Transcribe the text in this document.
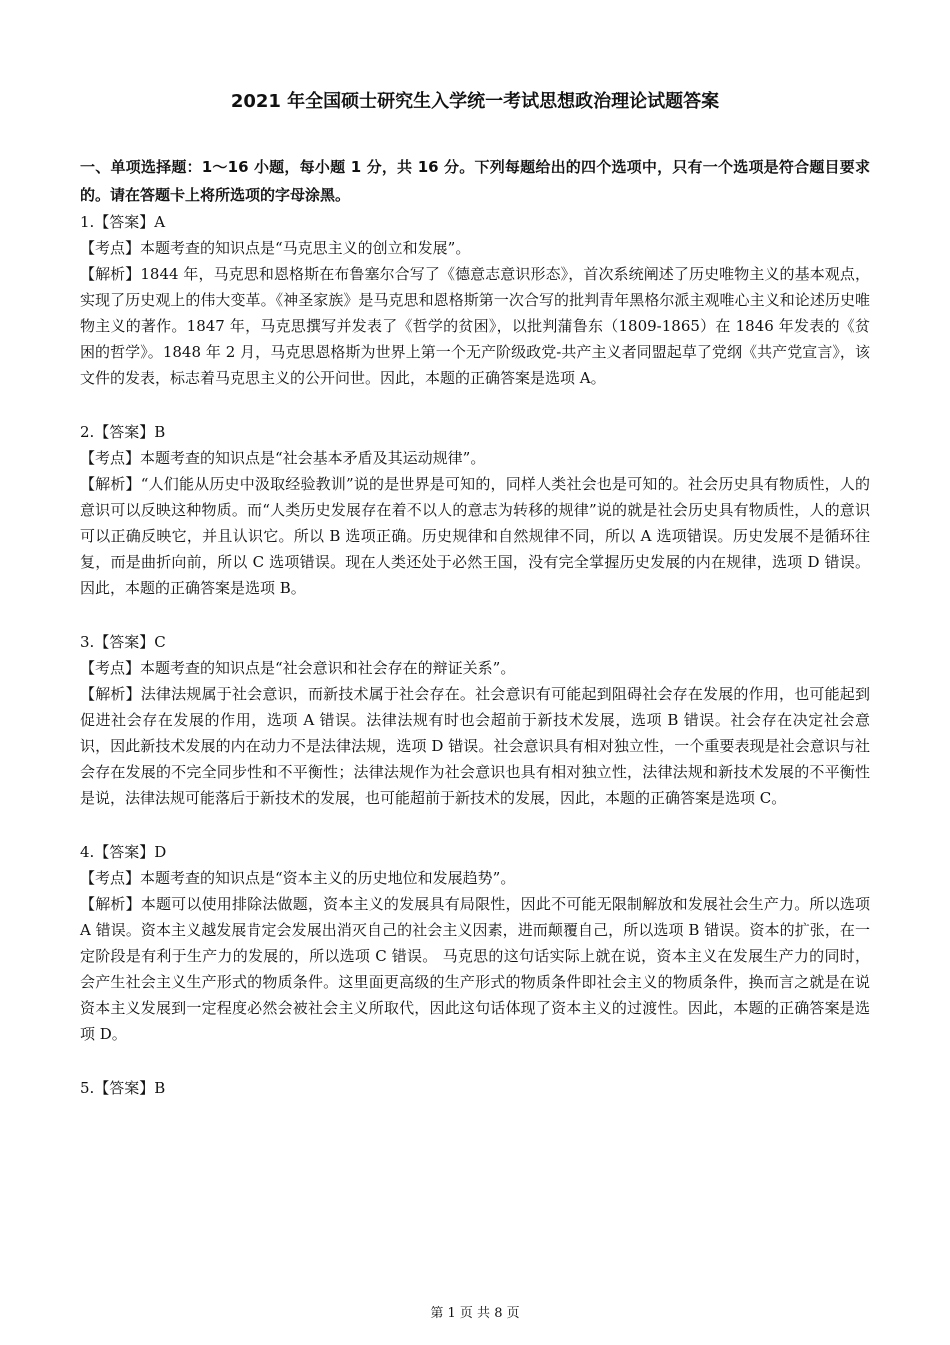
2021 年全国硕士研究生入学统一考试思想政治理论试题答案

一、单项选择题：1～16 小题，每小题 1 分，共 16 分。下列每题给出的四个选项中，只有一个选项是符合题目要求的。请在答题卡上将所选项的字母涂黑。

1.【答案】A

【考点】本题考查的知识点是“马克思主义的创立和发展”。

【解析】1844 年，马克思和恩格斯在布鲁塞尔合写了《德意志意识形态》，首次系统阐述了历史唯物主义的基本观点，实现了历史观上的伟大变革。《神圣家族》是马克思和恩格斯第一次合写的批判青年黑格尔派主观唯心主义和论述历史唯物主义的著作。1847 年，马克思撰写并发表了《哲学的贫困》，以批判蒲鲁东（1809-1865）在 1846 年发表的《贫困的哲学》。1848 年 2 月，马克思恩格斯为世界上第一个无产阶级政党-共产主义者同盟起草了党纲《共产党宣言》，该文件的发表，标志着马克思主义的公开问世。因此，本题的正确答案是选项 A。

2.【答案】B

【考点】本题考查的知识点是“社会基本矛盾及其运动规律”。

【解析】“人们能从历史中汲取经验教训”说的是世界是可知的，同样人类社会也是可知的。社会历史具有物质性，人的意识可以反映这种物质。而“人类历史发展存在着不以人的意志为转移的规律”说的就是社会历史具有物质性，人的意识可以正确反映它，并且认识它。所以 B 选项正确。历史规律和自然规律不同，所以 A 选项错误。历史发展不是循环往复，而是曲折向前，所以 C 选项错误。现在人类还处于必然王国，没有完全掌握历史发展的内在规律，选项 D 错误。因此，本题的正确答案是选项 B。

3.【答案】C

【考点】本题考查的知识点是“社会意识和社会存在的辩证关系”。

【解析】法律法规属于社会意识，而新技术属于社会存在。社会意识有可能起到阻碍社会存在发展的作用，也可能起到促进社会存在发展的作用，选项 A 错误。法律法规有时也会超前于新技术发展，选项 B 错误。社会存在决定社会意识，因此新技术发展的内在动力不是法律法规，选项 D 错误。社会意识具有相对独立性，一个重要表现是社会意识与社会存在发展的不完全同步性和不平衡性；法律法规作为社会意识也具有相对独立性，法律法规和新技术发展的不平衡性是说，法律法规可能落后于新技术的发展，也可能超前于新技术的发展，因此，本题的正确答案是选项 C。

4.【答案】D

【考点】本题考查的知识点是“资本主义的历史地位和发展趋势”。

【解析】本题可以使用排除法做题，资本主义的发展具有局限性，因此不可能无限制解放和发展社会生产力。所以选项 A 错误。资本主义越发展肯定会发展出消灭自己的社会主义因素，进而颠覆自己，所以选项 B 错误。资本的扩张，在一定阶段是有利于生产力的发展的，所以选项 C 错误。 马克思的这句话实际上就在说，资本主义在发展生产力的同时，会产生社会主义生产形式的物质条件。这里面更高级的生产形式的物质条件即社会主义的物质条件，换而言之就是在说资本主义发展到一定程度必然会被社会主义所取代，因此这句话体现了资本主义的过渡性。因此，本题的正确答案是选项 D。

5.【答案】B

第 1 页 共 8 页
